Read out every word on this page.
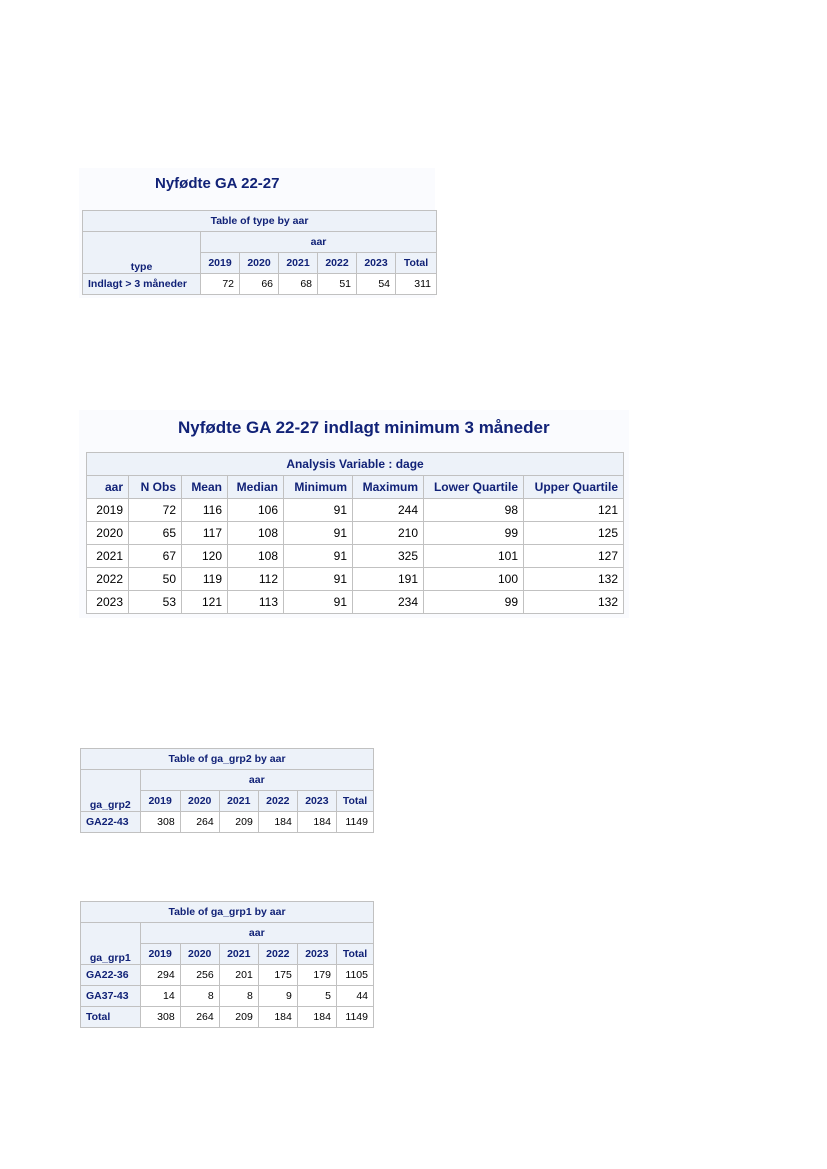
Nyfødte GA 22-27
Table of type by aar						
type	aar					
	2019	2020	2021	2022	2023	Total
Indlagt > 3 måneder	72	66	68	51	54	311
Nyfødte GA 22-27 indlagt minimum 3 måneder
Analysis Variable : dage							
aar	N Obs	Mean	Median	Minimum	Maximum	Lower Quartile	Upper Quartile
2019	72	116	106	91	244	98	121
2020	65	117	108	91	210	99	125
2021	67	120	108	91	325	101	127
2022	50	119	112	91	191	100	132
2023	53	121	113	91	234	99	132
Table of ga_grp2 by aar						
ga_grp2	aar					
	2019	2020	2021	2022	2023	Total
GA22-43	308	264	209	184	184	1149
Table of ga_grp1 by aar						
ga_grp1	aar					
	2019	2020	2021	2022	2023	Total
GA22-36	294	256	201	175	179	1105
GA37-43	14	8	8	9	5	44
Total	308	264	209	184	184	1149
